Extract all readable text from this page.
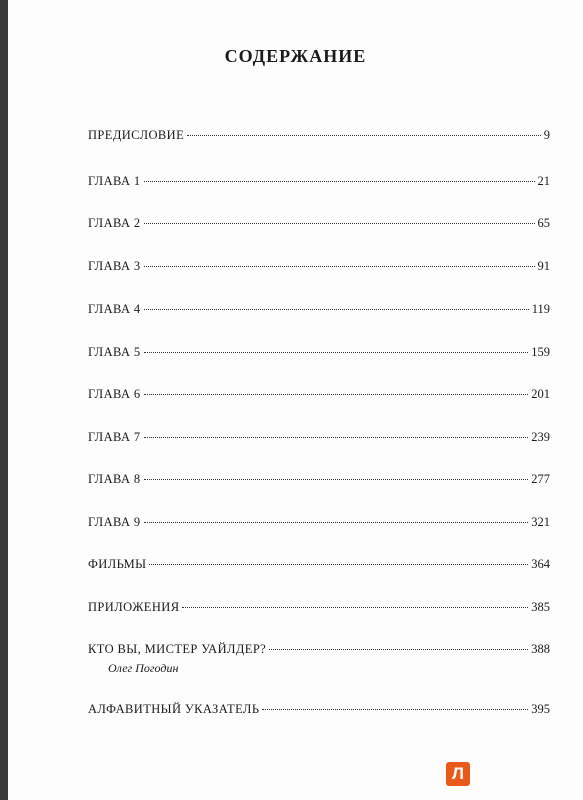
СОДЕРЖАНИЕ
ПРЕДИСЛОВИЕ	9
ГЛАВА 1	21
ГЛАВА 2	65
ГЛАВА 3	91
ГЛАВА 4	119
ГЛАВА 5	159
ГЛАВА 6	201
ГЛАВА 7	239
ГЛАВА 8	277
ГЛАВА 9	321
ФИЛЬМЫ	364
ПРИЛОЖЕНИЯ	385
КТО ВЫ, МИСТЕР УАЙЛДЕР?	388
Олег Погодин
АЛФАВИТНЫЙ УКАЗАТЕЛЬ	395
Л
